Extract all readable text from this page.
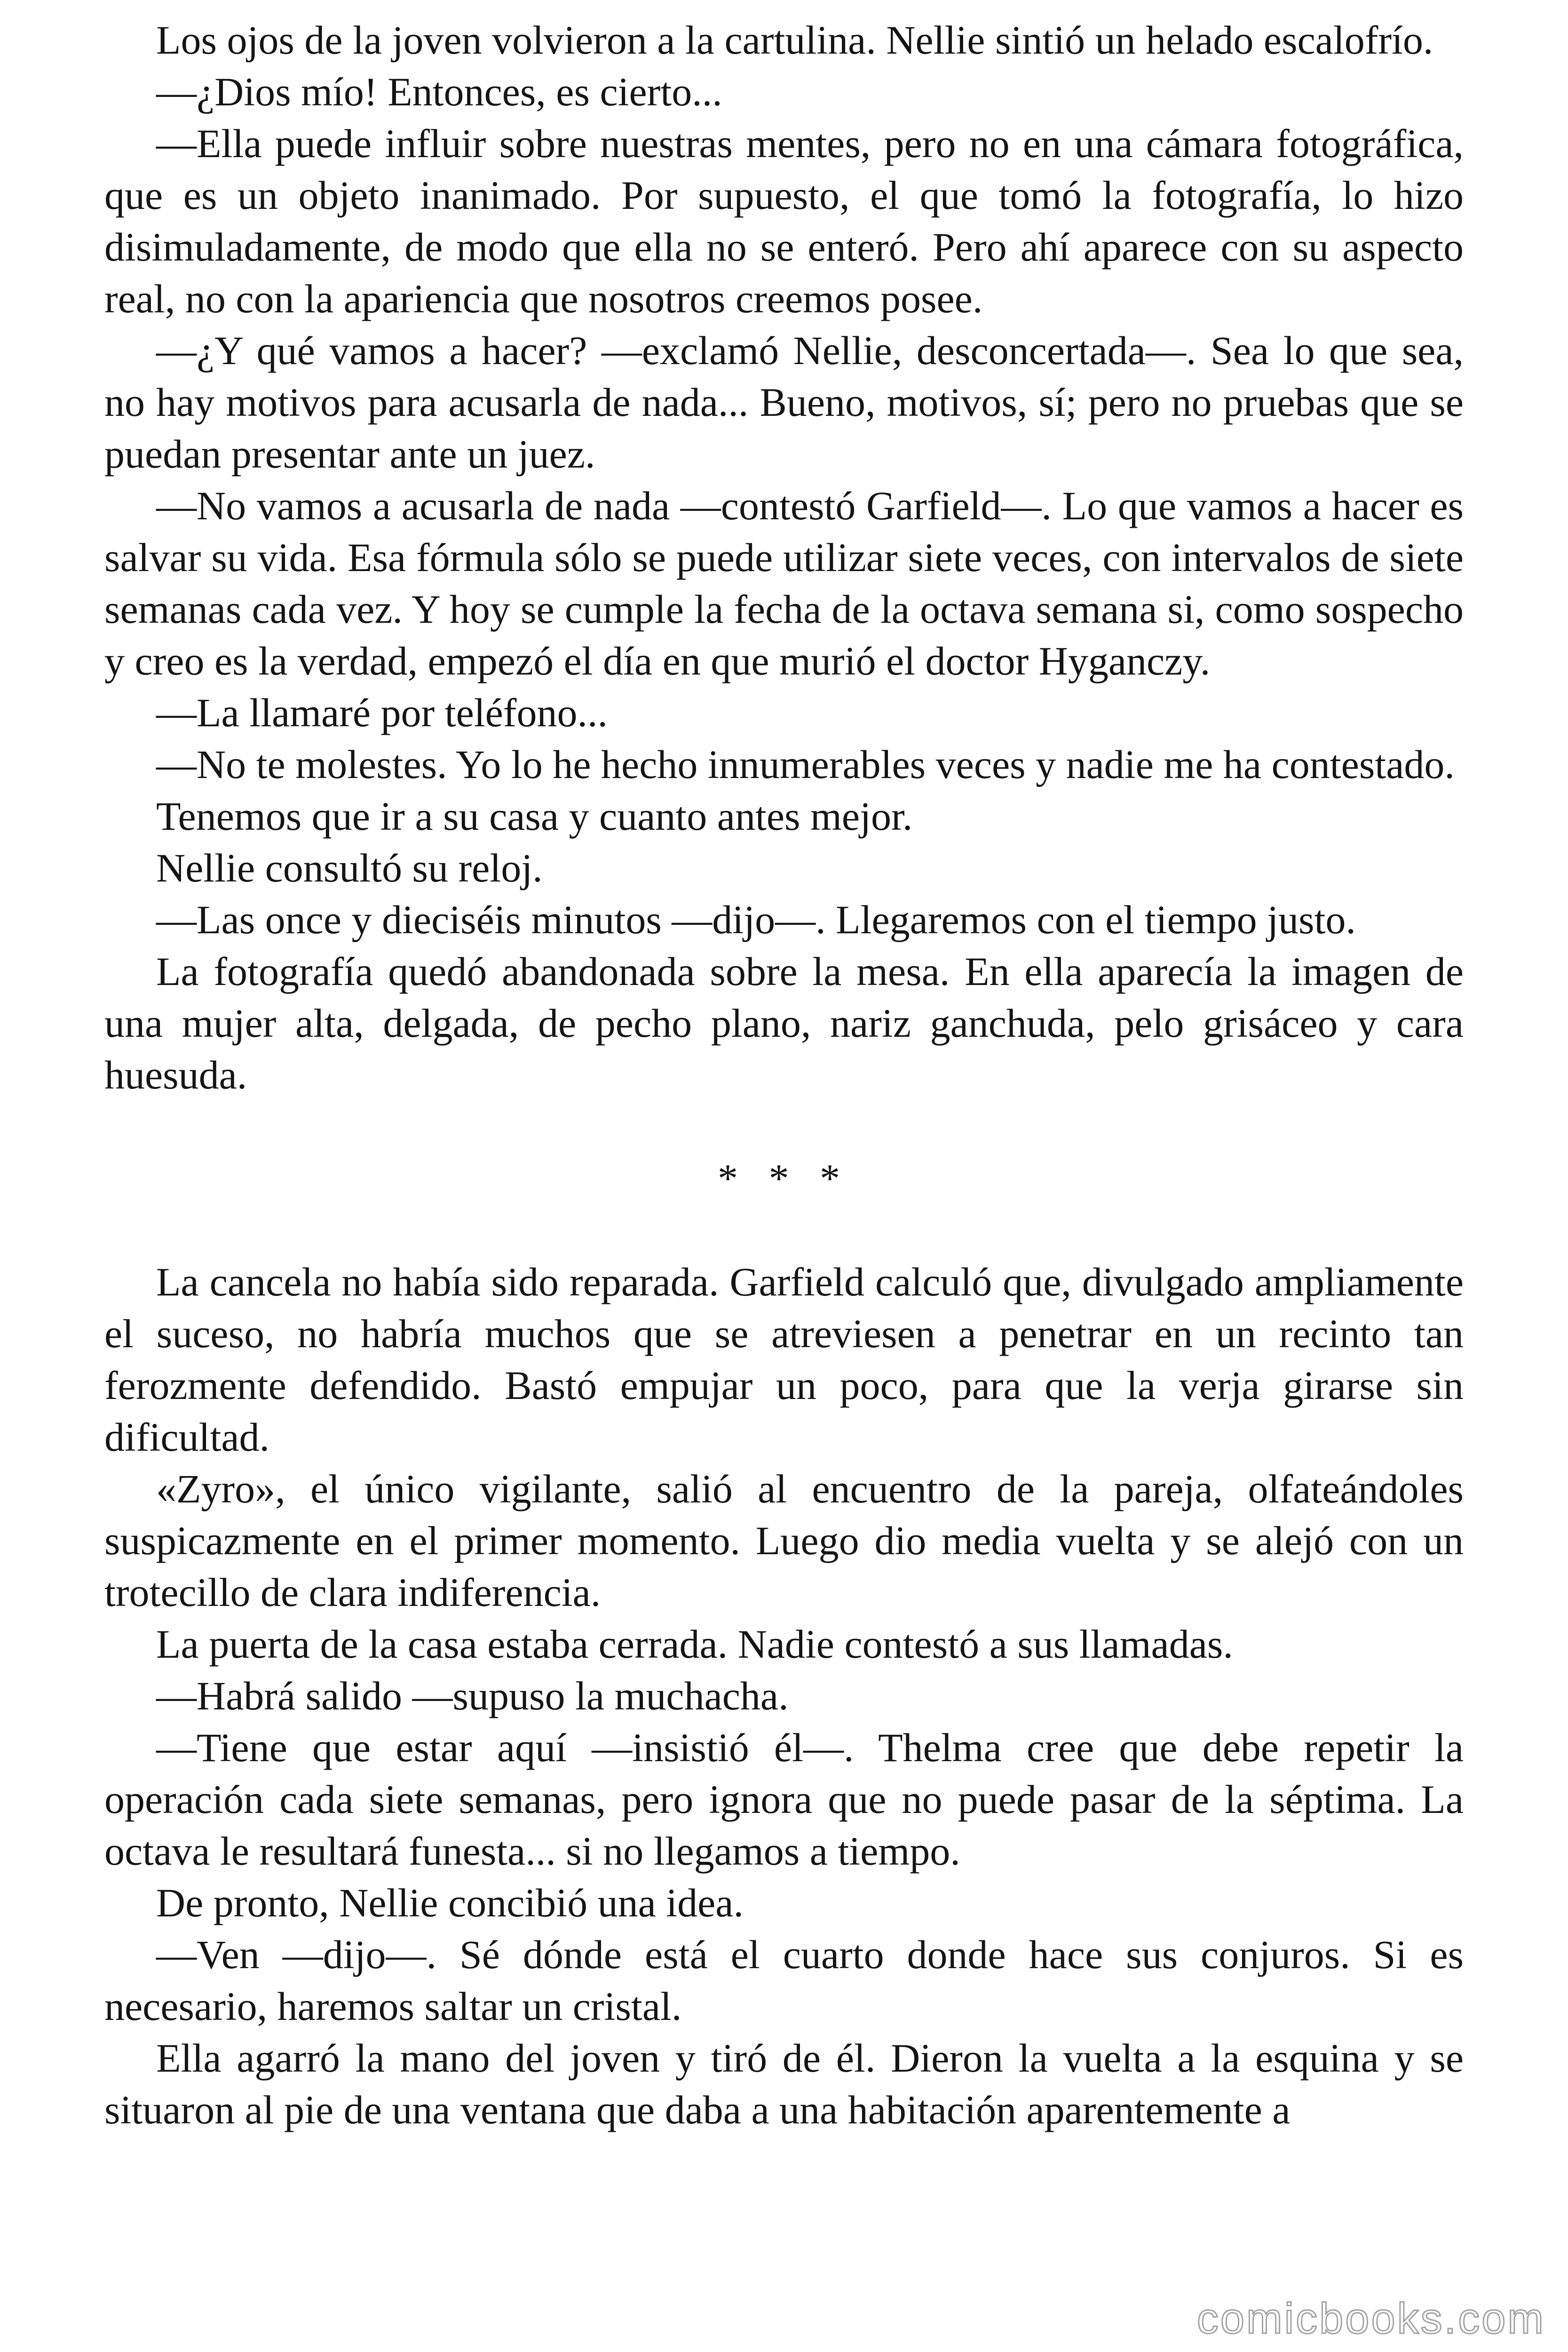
Los ojos de la joven volvieron a la cartulina. Nellie sintió un helado escalofrío.

—¿Dios mío! Entonces, es cierto...

—Ella puede influir sobre nuestras mentes, pero no en una cámara fotográfica, que es un objeto inanimado. Por supuesto, el que tomó la fotografía, lo hizo disimuladamente, de modo que ella no se enteró. Pero ahí aparece con su aspecto real, no con la apariencia que nosotros creemos posee.

—¿Y qué vamos a hacer? —exclamó Nellie, desconcertada—. Sea lo que sea, no hay motivos para acusarla de nada... Bueno, motivos, sí; pero no pruebas que se puedan presentar ante un juez.

—No vamos a acusarla de nada —contestó Garfield—. Lo que vamos a hacer es salvar su vida. Esa fórmula sólo se puede utilizar siete veces, con intervalos de siete semanas cada vez. Y hoy se cumple la fecha de la octava semana si, como sospecho y creo es la verdad, empezó el día en que murió el doctor Hyganczy.

—La llamaré por teléfono...

—No te molestes. Yo lo he hecho innumerables veces y nadie me ha contestado.

Tenemos que ir a su casa y cuanto antes mejor.

Nellie consultó su reloj.

—Las once y dieciséis minutos —dijo—. Llegaremos con el tiempo justo.

La fotografía quedó abandonada sobre la mesa. En ella aparecía la imagen de una mujer alta, delgada, de pecho plano, nariz ganchuda, pelo grisáceo y cara huesuda.

* * *

La cancela no había sido reparada. Garfield calculó que, divulgado ampliamente el suceso, no habría muchos que se atreviesen a penetrar en un recinto tan ferozmente defendido. Bastó empujar un poco, para que la verja girarse sin dificultad.

«Zyro», el único vigilante, salió al encuentro de la pareja, olfateándoles suspicazmente en el primer momento. Luego dio media vuelta y se alejó con un trotecillo de clara indiferencia.

La puerta de la casa estaba cerrada. Nadie contestó a sus llamadas.

—Habrá salido —supuso la muchacha.

—Tiene que estar aquí —insistió él—. Thelma cree que debe repetir la operación cada siete semanas, pero ignora que no puede pasar de la séptima. La octava le resultará funesta... si no llegamos a tiempo.

De pronto, Nellie concibió una idea.

—Ven —dijo—. Sé dónde está el cuarto donde hace sus conjuros. Si es necesario, haremos saltar un cristal.

Ella agarró la mano del joven y tiró de él. Dieron la vuelta a la esquina y se situaron al pie de una ventana que daba a una habitación aparentemente a

comicbooks.com
